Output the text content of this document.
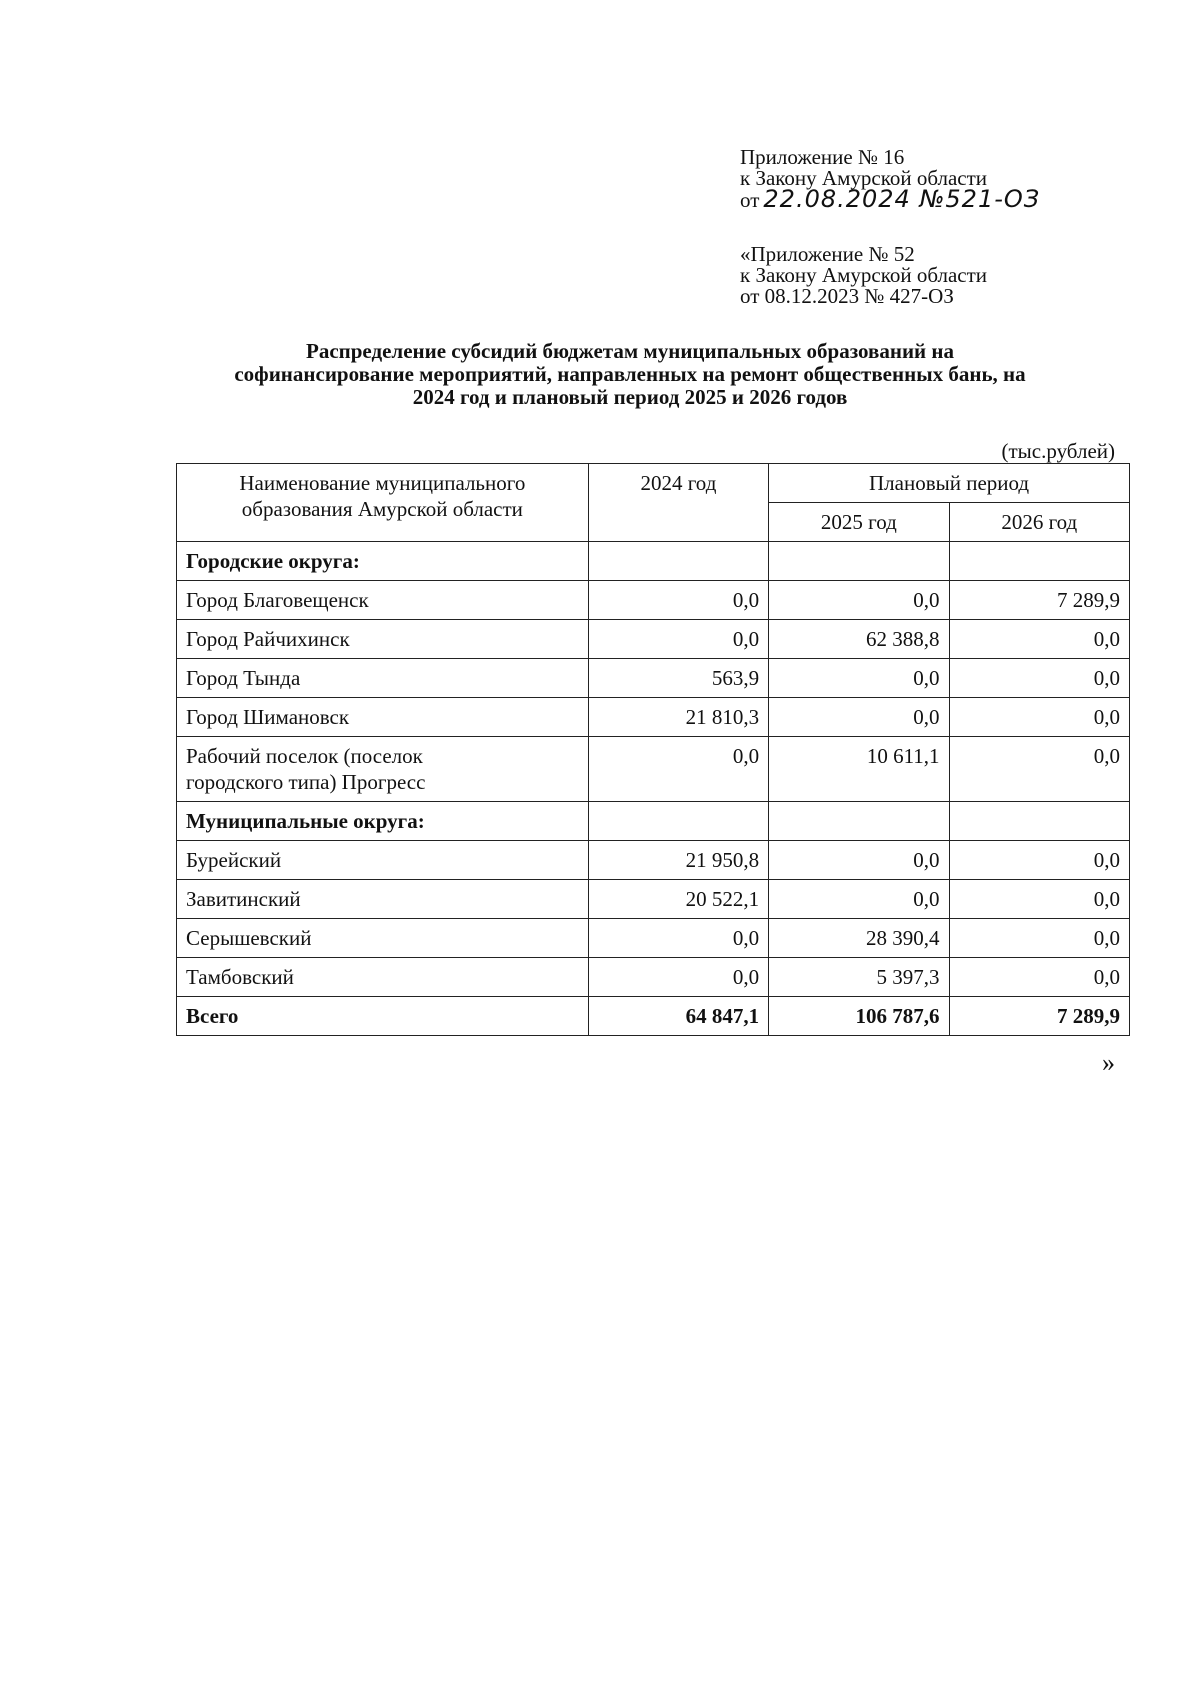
Приложение № 16
к Закону Амурской области
от 22.08.2024 №521-ОЗ
«Приложение № 52
к Закону Амурской области
от 08.12.2023 № 427-ОЗ
Распределение субсидий бюджетам муниципальных образований на
софинансирование мероприятий, направленных на ремонт общественных бань, на
2024 год и плановый период 2025 и 2026 годов
(тыс.рублей)
Наименование муниципального
образования Амурской области	2024 год	Плановый период	
		2025 год	2026 год
Городские округа:			
Город Благовещенск	0,0	0,0	7 289,9
Город Райчихинск	0,0	62 388,8	0,0
Город Тында	563,9	0,0	0,0
Город Шимановск	21 810,3	0,0	0,0

Рабочий поселок (поселок
городского типа) Прогресс	0,0	10 611,1	0,0
Муниципальные округа:			
Бурейский	21 950,8	0,0	0,0
Завитинский	20 522,1	0,0	0,0
Серышевский	0,0	28 390,4	0,0
Тамбовский	0,0	5 397,3	0,0
Всего	64 847,1	106 787,6	7 289,9
»
